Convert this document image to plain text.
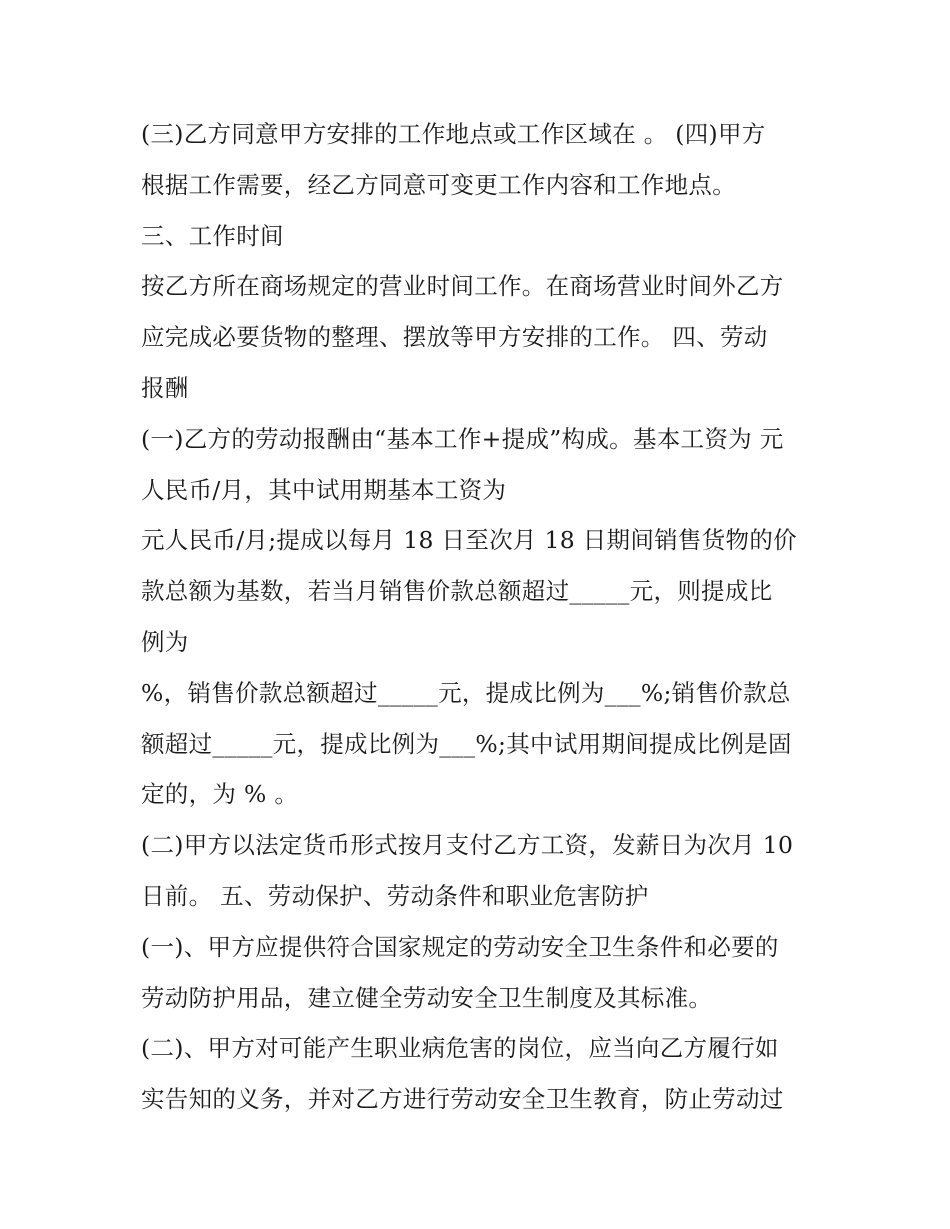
(三)乙方同意甲方安排的工作地点或工作区域在 。 (四)甲方
根据工作需要，经乙方同意可变更工作内容和工作地点。
三、工作时间
按乙方所在商场规定的营业时间工作。在商场营业时间外乙方
应完成必要货物的整理、摆放等甲方安排的工作。 四、劳动
报酬
(一)乙方的劳动报酬由“基本工作+提成”构成。基本工资为 元
人民币/月，其中试用期基本工资为
元人民币/月;提成以每月 18 日至次月 18 日期间销售货物的价
款总额为基数，若当月销售价款总额超过_____元，则提成比
例为
%，销售价款总额超过_____元，提成比例为___%;销售价款总
额超过_____元，提成比例为___%;其中试用期间提成比例是固
定的，为 % 。
(二)甲方以法定货币形式按月支付乙方工资，发薪日为次月 10
日前。 五、劳动保护、劳动条件和职业危害防护
(一)、甲方应提供符合国家规定的劳动安全卫生条件和必要的
劳动防护用品，建立健全劳动安全卫生制度及其标准。
(二)、甲方对可能产生职业病危害的岗位，应当向乙方履行如
实告知的义务，并对乙方进行劳动安全卫生教育，防止劳动过
